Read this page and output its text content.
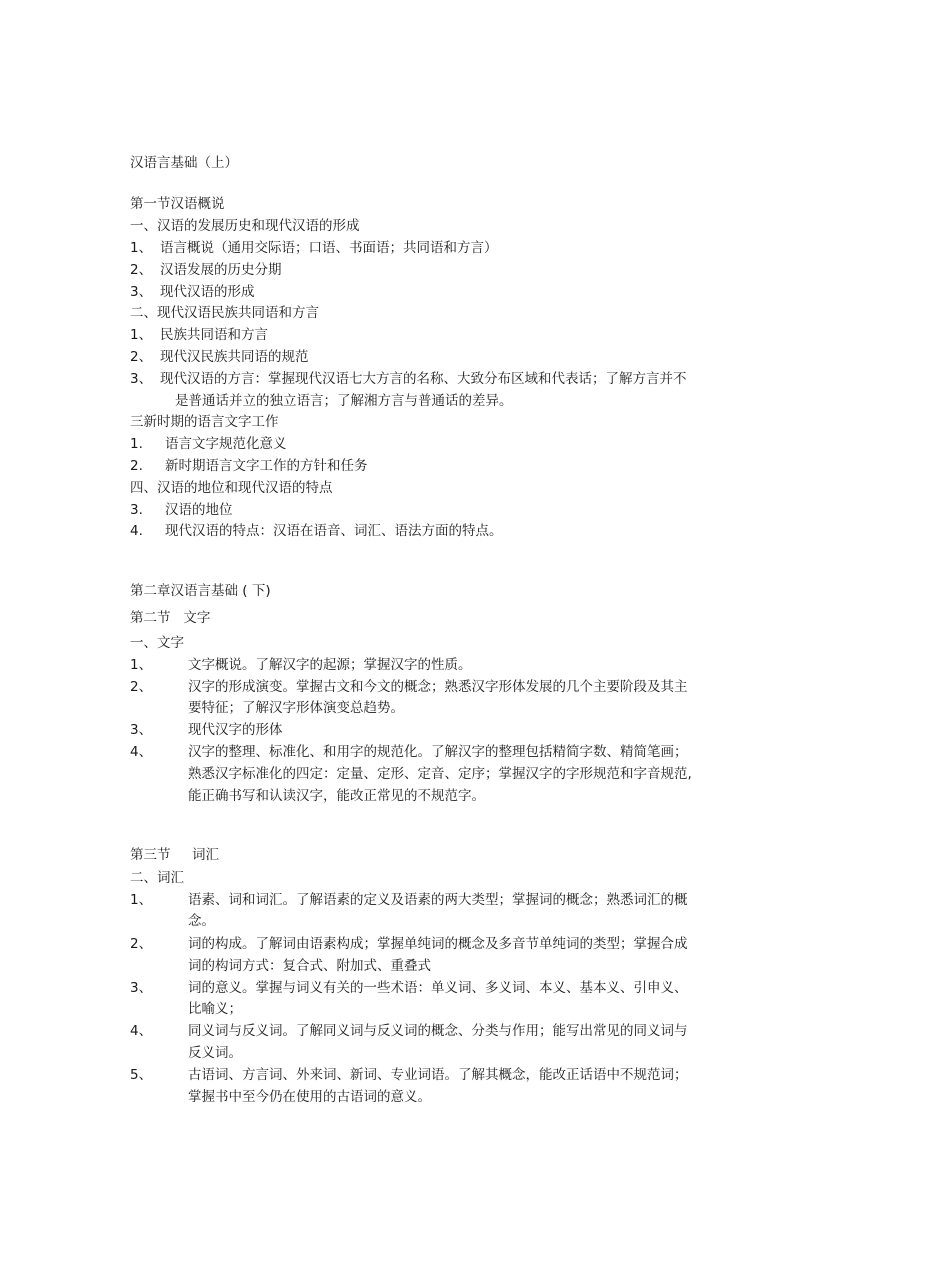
汉语言基础（上）

第一节汉语概说

一、汉语的发展历史和现代汉语的形成

1、 语言概说（通用交际语；口语、书面语；共同语和方言）
2、 汉语发展的历史分期
3、 现代汉语的形成

二、现代汉语民族共同语和方言

1、 民族共同语和方言
2、 现代汉民族共同语的规范
3、 现代汉语的方言：掌握现代汉语七大方言的名称、大致分布区域和代表话；了解方言并不
是普通话并立的独立语言；了解湘方言与普通话的差异。

三新时期的语言文字工作

1. 语言文字规范化意义
2. 新时期语言文字工作的方针和任务

四、汉语的地位和现代汉语的特点

3. 汉语的地位
4. 现代汉语的特点：汉语在语音、词汇、语法方面的特点。

第二章汉语言基础 ( 下)

第二节   文字

一、文字

1、	文字概说。了解汉字的起源；掌握汉字的性质。
2、	汉字的形成演变。掌握古文和今文的概念；熟悉汉字形体发展的几个主要阶段及其主
要特征；了解汉字形体演变总趋势。
3、	现代汉字的形体
4、	汉字的整理、标准化、和用字的规范化。了解汉字的整理包括精简字数、精简笔画；
熟悉汉字标准化的四定：定量、定形、定音、定序；掌握汉字的字形规范和字音规范,
能正确书写和认读汉字，能改正常见的不规范字。

第三节     词汇

二、词汇

1、	语素、词和词汇。了解语素的定义及语素的两大类型；掌握词的概念；熟悉词汇的概
念。
2、	词的构成。了解词由语素构成；掌握单纯词的概念及多音节单纯词的类型；掌握合成
词的构词方式：复合式、附加式、重叠式
3、	词的意义。掌握与词义有关的一些术语：单义词、多义词、本义、基本义、引申义、
比喻义；
4、	同义词与反义词。了解同义词与反义词的概念、分类与作用；能写出常见的同义词与
反义词。
5、	古语词、方言词、外来词、新词、专业词语。了解其概念，能改正话语中不规范词；
掌握书中至今仍在使用的古语词的意义。
